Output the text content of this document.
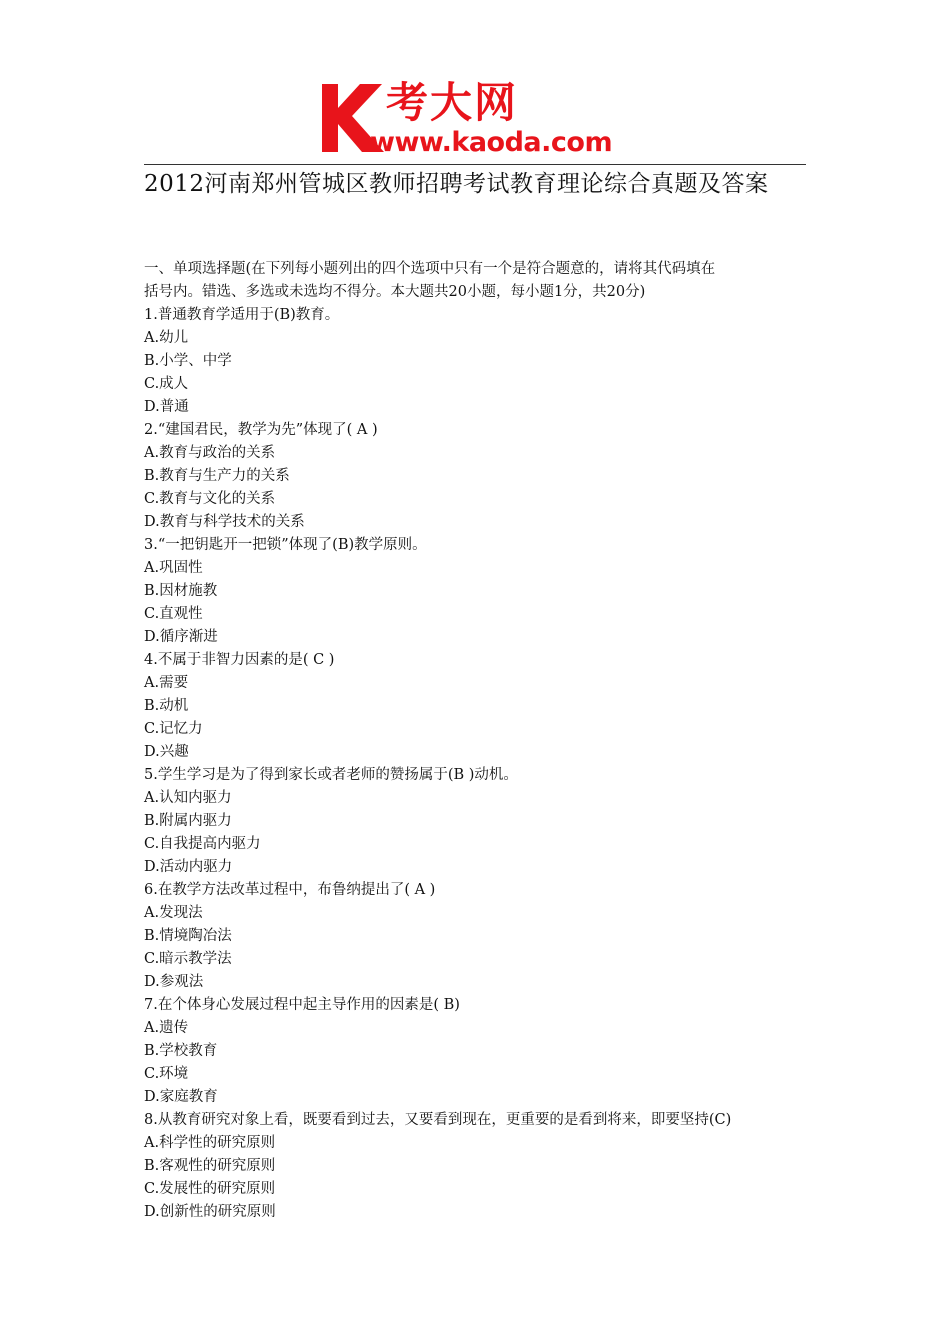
考大网
www.kaoda.com
2012河南郑州管城区教师招聘考试教育理论综合真题及答案
一、单项选择题(在下列每小题列出的四个选项中只有一个是符合题意的，请将其代码填在
括号内。错选、多选或未选均不得分。本大题共20小题，每小题1分，共20分)
1.普通教育学适用于(B)教育。
A.幼儿
B.小学、中学
C.成人
D.普通
2.“建国君民，教学为先”体现了( A )
A.教育与政治的关系
B.教育与生产力的关系
C.教育与文化的关系
D.教育与科学技术的关系
3.“一把钥匙开一把锁”体现了(B)教学原则。
A.巩固性
B.因材施教
C.直观性
D.循序渐进
4.不属于非智力因素的是( C )
A.需要
B.动机
C.记忆力
D.兴趣
5.学生学习是为了得到家长或者老师的赞扬属于(B )动机。
A.认知内驱力
B.附属内驱力
C.自我提高内驱力
D.活动内驱力
6.在教学方法改革过程中，布鲁纳提出了( A )
A.发现法
B.情境陶冶法
C.暗示教学法
D.参观法
7.在个体身心发展过程中起主导作用的因素是( B)
A.遗传
B.学校教育
C.环境
D.家庭教育
8.从教育研究对象上看，既要看到过去，又要看到现在，更重要的是看到将来，即要坚持(C)
A.科学性的研究原则
B.客观性的研究原则
C.发展性的研究原则
D.创新性的研究原则
